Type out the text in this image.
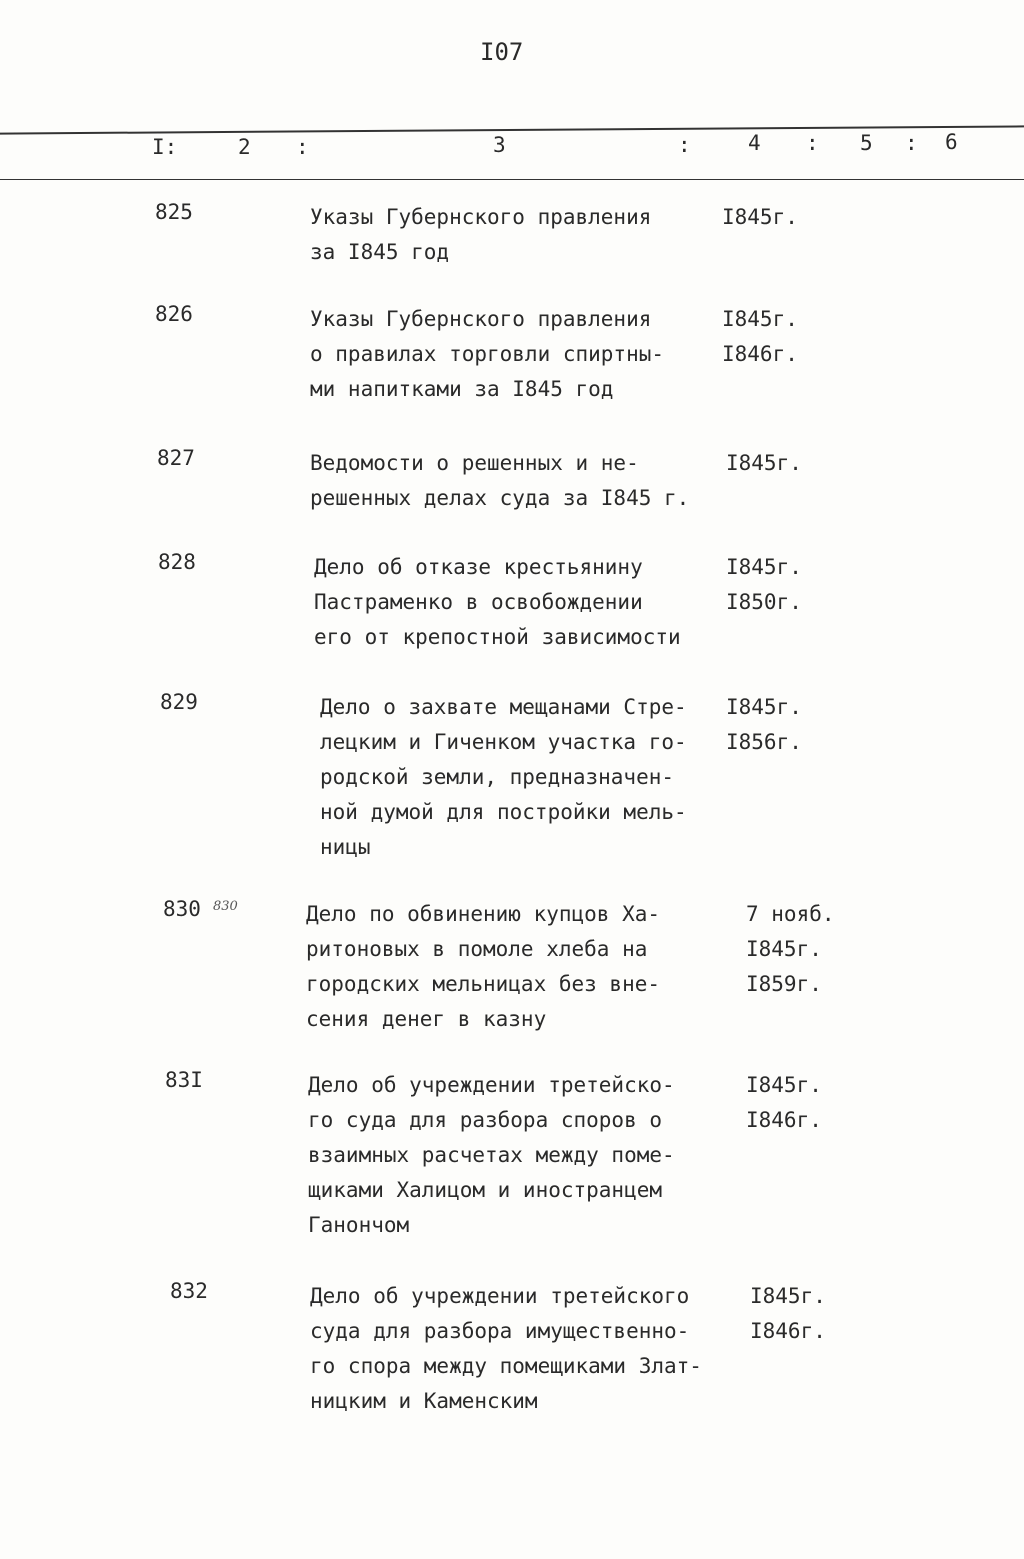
I07
I:	2 :	3	:	4 : 5 : 6
825	Указы Губернского правления
за I845 год
I845г.
826	Указы Губернского правления
о правилах торговли спиртны-
ми напитками за I845 год
I845г.
I846г.
827	Ведомости о решенных и не-
решенных делах суда за I845 г.
I845г.
828	Дело об отказе крестьянину
Пастраменко в освобождении
его от крепостной зависимости
I845г.
I850г.
829	Дело о захвате мещанами Стре-
лецким и Гиченком участка го-
родской земли, предназначен-
ной думой для постройки мель-
ницы
I845г.
I856г.
830 830	Дело по обвинению купцов Ха-
ритоновых в помоле хлеба на
городских мельницах без вне-
сения денег в казну
7 нояб.
I845г.
I859г.
83I	Дело об учреждении третейско-
го суда для разбора споров о
взаимных расчетах между поме-
щиками Халицом и иностранцем
Ганончом
I845г.
I846г.
832	Дело об учреждении третейского
суда для разбора имущественно-
го спора между помещиками Злат-
ницким и Каменским
I845г.
I846г.
